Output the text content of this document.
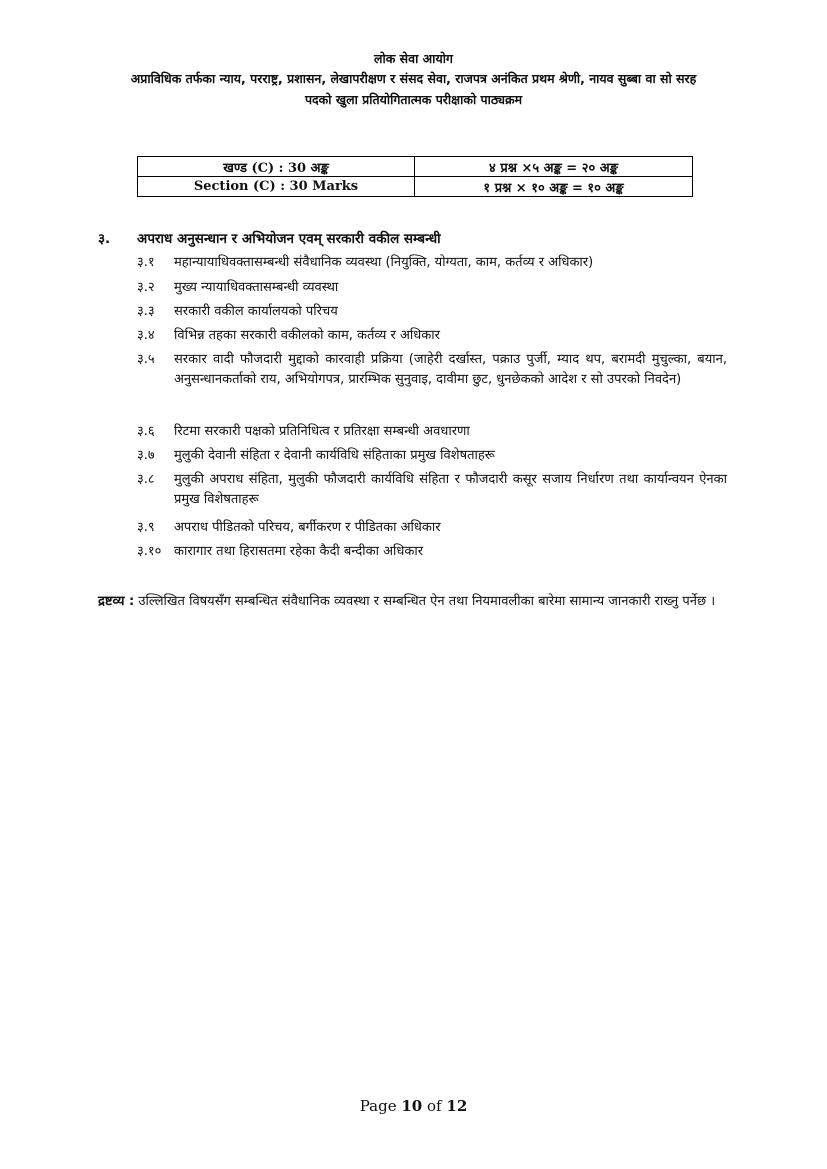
लोक सेवा आयोग
अप्राविधिक तर्फका न्याय, परराष्ट्र, प्रशासन, लेखापरीक्षण र संसद सेवा, राजपत्र अनंकित प्रथम श्रेणी, नायव सुब्बा वा सो सरह
पदको खुला प्रतियोगितात्मक परीक्षाको पाठ्यक्रम
खण्ड (C) : 30 अङ्क	४ प्रश्न ×५ अङ्क = २० अङ्क
Section (C) : 30 Marks	१ प्रश्न × १० अङ्क = १० अङ्क
३. अपराध अनुसन्धान र अभियोजन एवम् सरकारी वकील सम्बन्धी
३.१	महान्यायाधिवक्तासम्बन्धी संवैधानिक व्यवस्था (नियुक्ति, योग्यता, काम, कर्तव्य र अधिकार)
३.२	मुख्य न्यायाधिवक्तासम्बन्धी व्यवस्था
३.३	सरकारी वकील कार्यालयको परिचय
३.४	विभिन्न तहका सरकारी वकीलको काम, कर्तव्य र अधिकार
३.५	सरकार वादी फौजदारी मुद्दाको कारवाही प्रक्रिया (जाहेरी दर्खास्त, पक्राउ पुर्जी, म्याद थप, बरामदी मुचुल्का, बयान, अनुसन्धानकर्ताको राय, अभियोगपत्र, प्रारम्भिक सुनुवाइ, दावीमा छुट, धुनछेकको आदेश र सो उपरको निवदेन)
३.६	रिटमा सरकारी पक्षको प्रतिनिधित्व र प्रतिरक्षा सम्बन्धी अवधारणा
३.७	मुलुकी देवानी संहिता र देवानी कार्यविधि संहिताका प्रमुख विशेषताहरू
३.८	मुलुकी अपराध संहिता, मुलुकी फौजदारी कार्यविधि संहिता र फौजदारी कसूर सजाय निर्धारण तथा कार्यान्वयन ऐनका प्रमुख विशेषताहरू
३.९	अपराध पीडितको परिचय, बर्गीकरण र पीडितका अधिकार
३.१० कारागार तथा हिरासतमा रहेका कैदी बन्दीका अधिकार
द्रष्टव्य : उल्लिखित विषयसँग सम्बन्धित संवैधानिक व्यवस्था र सम्बन्धित ऐन तथा नियमावलीका बारेमा सामान्य जानकारी राख्नु पर्नेछ ।
Page 10 of 12
